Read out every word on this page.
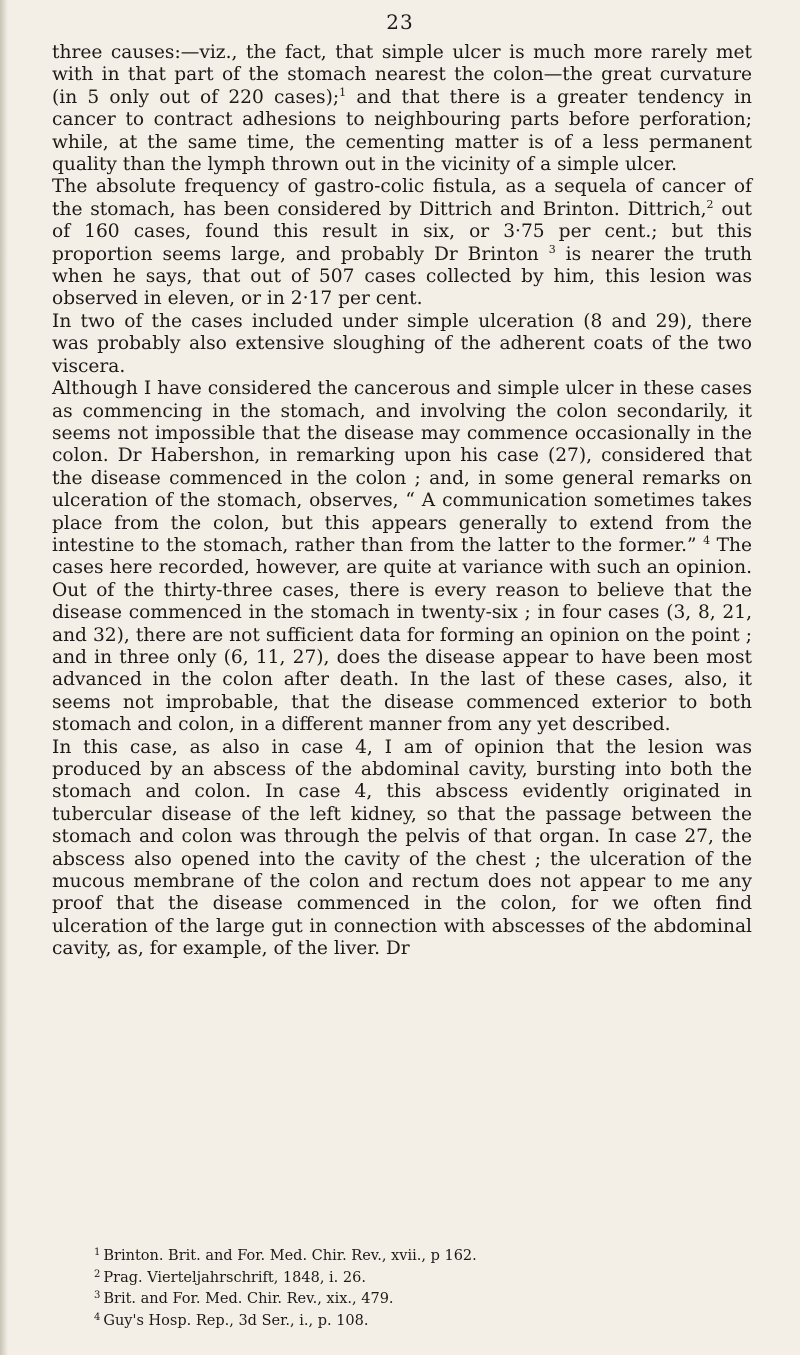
23

three causes:—viz., the fact, that simple ulcer is much more rarely met with in that part of the stomach nearest the colon—the great curvature (in 5 only out of 220 cases);$^1$ and that there is a greater tendency in cancer to contract adhesions to neighbouring parts before perforation; while, at the same time, the cementing matter is of a less permanent quality than the lymph thrown out in the vicinity of a simple ulcer.

The absolute frequency of gastro-colic fistula, as a sequela of cancer of the stomach, has been considered by Dittrich and Brinton. Dittrich,$^2$ out of 160 cases, found this result in six, or 3·75 per cent.; but this proportion seems large, and probably Dr Brinton $^3$ is nearer the truth when he says, that out of 507 cases collected by him, this lesion was observed in eleven, or in 2·17 per cent.

In two of the cases included under simple ulceration (8 and 29), there was probably also extensive sloughing of the adherent coats of the two viscera.

Although I have considered the cancerous and simple ulcer in these cases as commencing in the stomach, and involving the colon secondarily, it seems not impossible that the disease may commence occasionally in the colon. Dr Habershon, in remarking upon his case (27), considered that the disease commenced in the colon ; and, in some general remarks on ulceration of the stomach, observes, “ A communication sometimes takes place from the colon, but this appears generally to extend from the intestine to the stomach, rather than from the latter to the former.” $^4$ The cases here recorded, however, are quite at variance with such an opinion. Out of the thirty-three cases, there is every reason to believe that the disease commenced in the stomach in twenty-six ; in four cases (3, 8, 21, and 32), there are not sufficient data for forming an opinion on the point ; and in three only (6, 11, 27), does the disease appear to have been most advanced in the colon after death. In the last of these cases, also, it seems not improbable, that the disease commenced exterior to both stomach and colon, in a different manner from any yet described.

In this case, as also in case 4, I am of opinion that the lesion was produced by an abscess of the abdominal cavity, bursting into both the stomach and colon. In case 4, this abscess evidently originated in tubercular disease of the left kidney, so that the passage between the stomach and colon was through the pelvis of that organ. In case 27, the abscess also opened into the cavity of the chest ; the ulceration of the mucous membrane of the colon and rectum does not appear to me any proof that the disease commenced in the colon, for we often find ulceration of the large gut in connection with abscesses of the abdominal cavity, as, for example, of the liver. Dr

$^1$ Brinton. Brit. and For. Med. Chir. Rev., xvii., p 162.
$^2$ Prag. Vierteljahrschrift, 1848, i. 26.
$^3$ Brit. and For. Med. Chir. Rev., xix., 479.
$^4$ Guy's Hosp. Rep., 3d Ser., i., p. 108.
